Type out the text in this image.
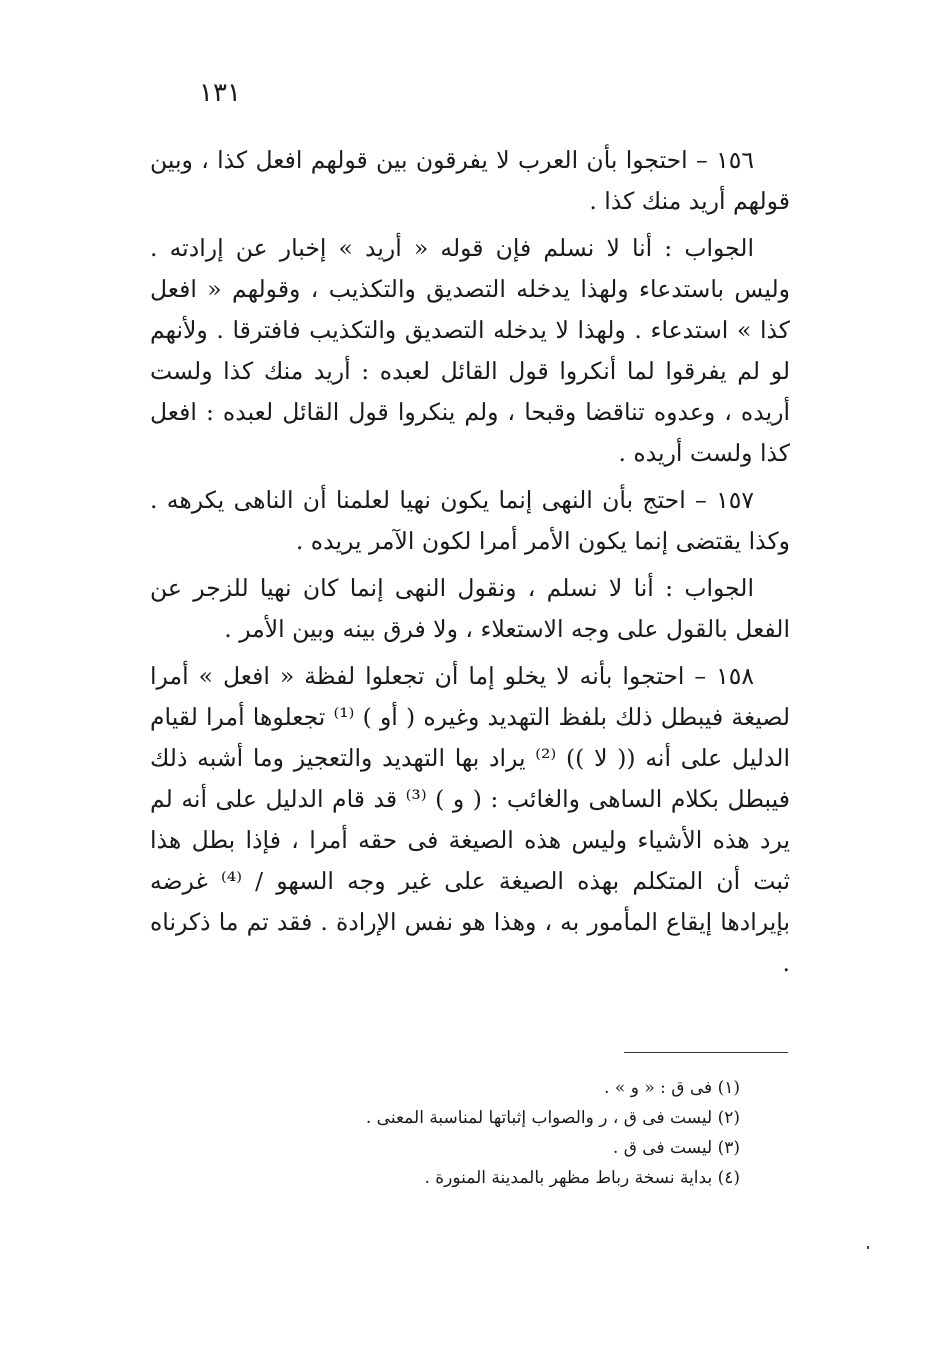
١٣١

١٥٦ – احتجوا بأن العرب لا يفرقون بين قولهم افعل كذا ، وبين قولهم أريد منك كذا .

الجواب : أنا لا نسلم فإن قوله « أريد » إخبار عن إرادته . وليس باستدعاء ولهذا يدخله التصديق والتكذيب ، وقولهم « افعل كذا » استدعاء . ولهذا لا يدخله التصديق والتكذيب فافترقا . ولأنهم لو لم يفرقوا لما أنكروا قول القائل لعبده : أريد منك كذا ولست أريده ، وعدوه تناقضا وقبحا ، ولم ينكروا قول القائل لعبده : افعل كذا ولست أريده .

١٥٧ – احتج بأن النهى إنما يكون نهيا لعلمنا أن الناهى يكرهه . وكذا يقتضى إنما يكون الأمر أمرا لكون الآمر يريده .

الجواب : أنا لا نسلم ، ونقول النهى إنما كان نهيا للزجر عن الفعل بالقول على وجه الاستعلاء ، ولا فرق بينه وبين الأمر .

١٥٨ – احتجوا بأنه لا يخلو إما أن تجعلوا لفظة « افعل » أمرا لصيغة فيبطل ذلك بلفظ التهديد وغيره ( أو ) ⁽¹⁾ تجعلوها أمرا لقيام الدليل على أنه (( لا )) ⁽²⁾ يراد بها التهديد والتعجيز وما أشبه ذلك فيبطل بكلام الساهى والغائب : ( و ) ⁽³⁾ قد قام الدليل على أنه لم يرد هذه الأشياء وليس هذه الصيغة فى حقه أمرا ، فإذا بطل هذا ثبت أن المتكلم بهذه الصيغة على غير وجه السهو / ⁽⁴⁾ غرضه بإيرادها إيقاع المأمور به ، وهذا هو نفس الإرادة . فقد تم ما ذكرناه .

(١) فى ق : « و » .

(٢) ليست فى ق ، ر والصواب إثباتها لمناسبة المعنى .

(٣) ليست فى ق .

(٤) بداية نسخة رباط مظهر بالمدينة المنورة .
